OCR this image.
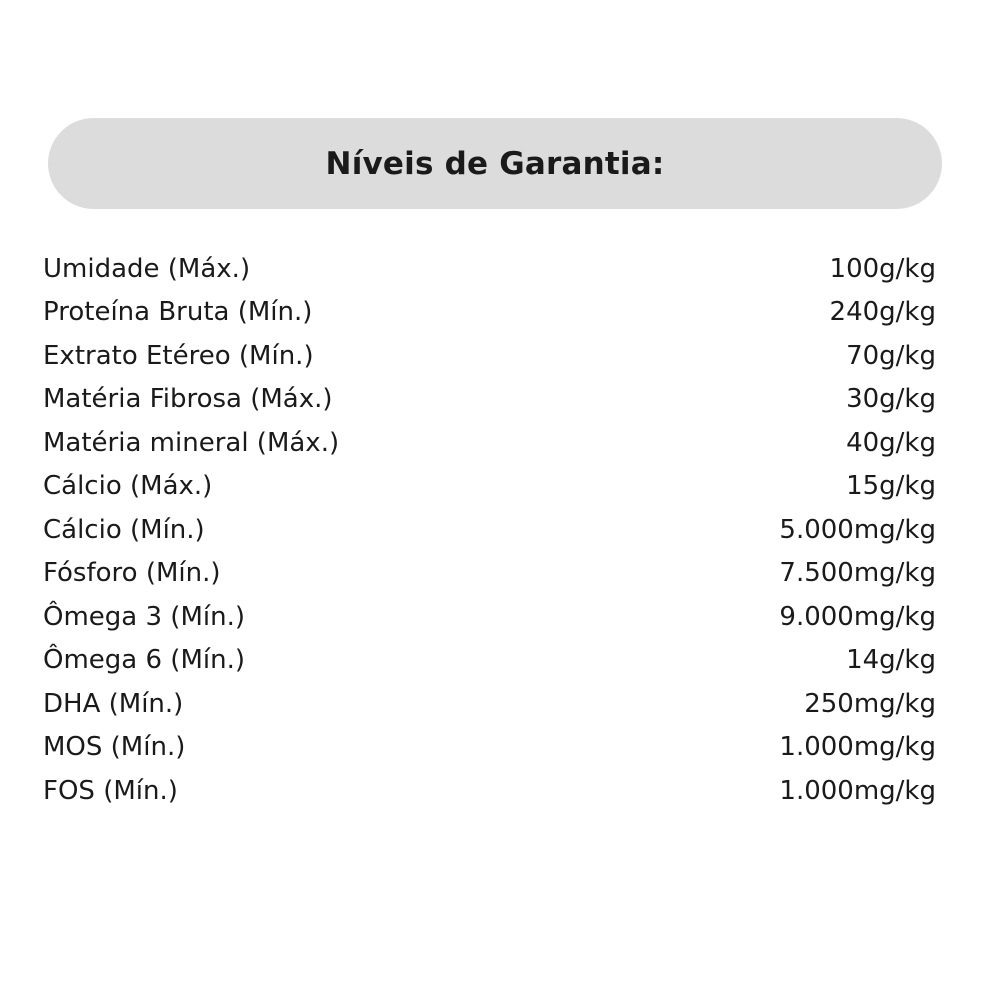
Níveis de Garantia:
Umidade (Máx.)	100g/kg
Proteína Bruta (Mín.)	240g/kg
Extrato Etéreo (Mín.)	70g/kg
Matéria Fibrosa (Máx.)	30g/kg
Matéria mineral (Máx.)	40g/kg
Cálcio (Máx.)	15g/kg
Cálcio (Mín.)	5.000mg/kg
Fósforo (Mín.)	7.500mg/kg
Ômega 3 (Mín.)	9.000mg/kg
Ômega 6 (Mín.)	14g/kg
DHA (Mín.)	250mg/kg
MOS (Mín.)	1.000mg/kg
FOS (Mín.)	1.000mg/kg
